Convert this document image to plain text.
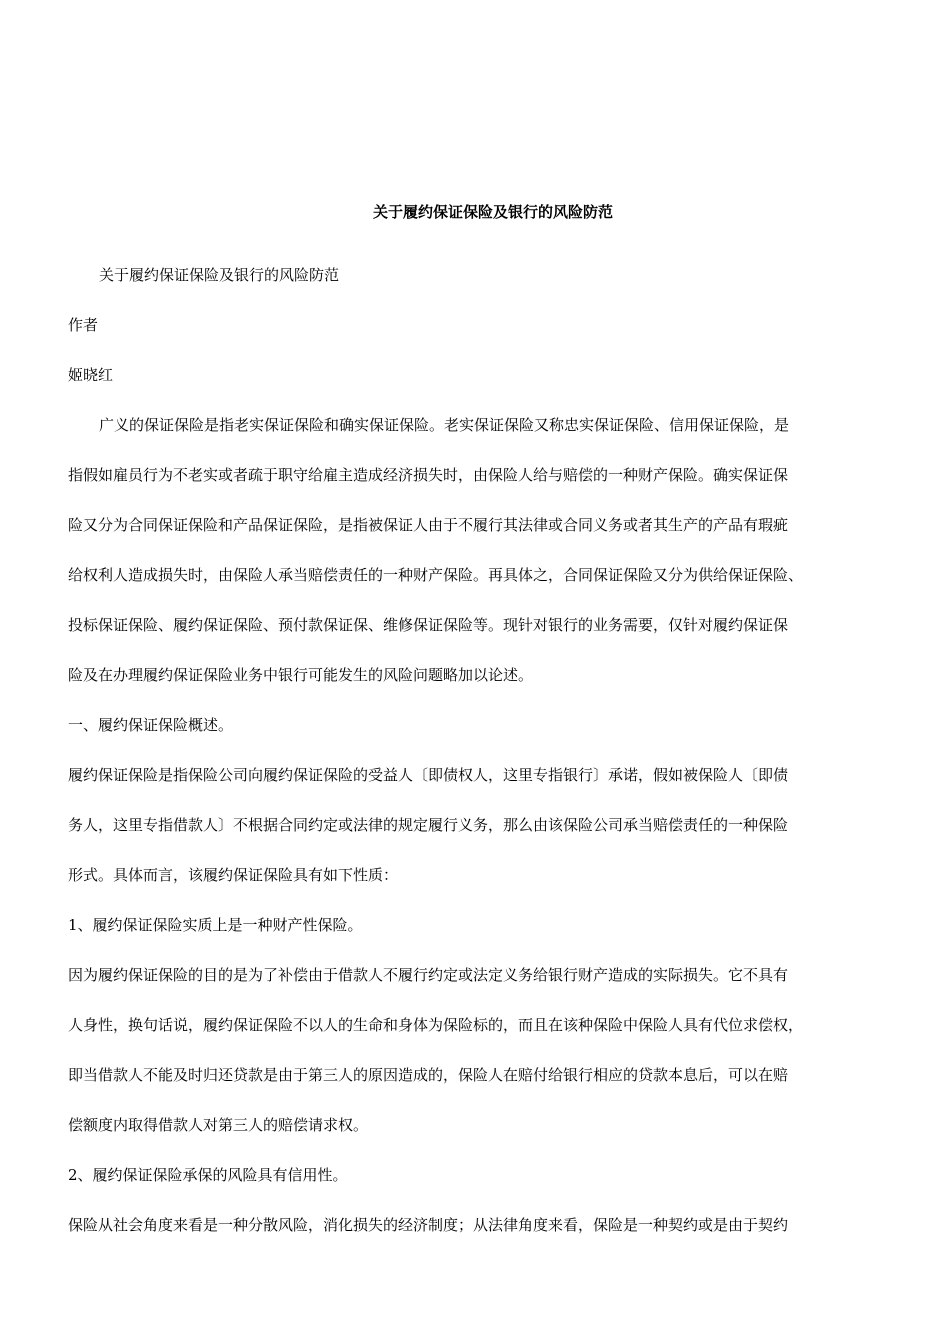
关于履约保证保险及银行的风险防范
关于履约保证保险及银行的风险防范
作者
姬晓红
广义的保证保险是指老实保证保险和确实保证保险。老实保证保险又称忠实保证保险、信用保证保险，是
指假如雇员行为不老实或者疏于职守给雇主造成经济损失时，由保险人给与赔偿的一种财产保险。确实保证保
险又分为合同保证保险和产品保证保险，是指被保证人由于不履行其法律或合同义务或者其生产的产品有瑕疵
给权利人造成损失时，由保险人承当赔偿责任的一种财产保险。再具体之，合同保证保险又分为供给保证保险、
投标保证保险、履约保证保险、预付款保证保、维修保证保险等。现针对银行的业务需要，仅针对履约保证保
险及在办理履约保证保险业务中银行可能发生的风险问题略加以论述。
一、履约保证保险概述。
履约保证保险是指保险公司向履约保证保险的受益人〔即债权人，这里专指银行〕承诺，假如被保险人〔即债
务人，这里专指借款人〕不根据合同约定或法律的规定履行义务，那么由该保险公司承当赔偿责任的一种保险
形式。具体而言，该履约保证保险具有如下性质：
1、履约保证保险实质上是一种财产性保险。
因为履约保证保险的目的是为了补偿由于借款人不履行约定或法定义务给银行财产造成的实际损失。它不具有
人身性，换句话说，履约保证保险不以人的生命和身体为保险标的，而且在该种保险中保险人具有代位求偿权，
即当借款人不能及时归还贷款是由于第三人的原因造成的，保险人在赔付给银行相应的贷款本息后，可以在赔
偿额度内取得借款人对第三人的赔偿请求权。
2、履约保证保险承保的风险具有信用性。
保险从社会角度来看是一种分散风险，消化损失的经济制度；从法律角度来看，保险是一种契约或是由于契约
